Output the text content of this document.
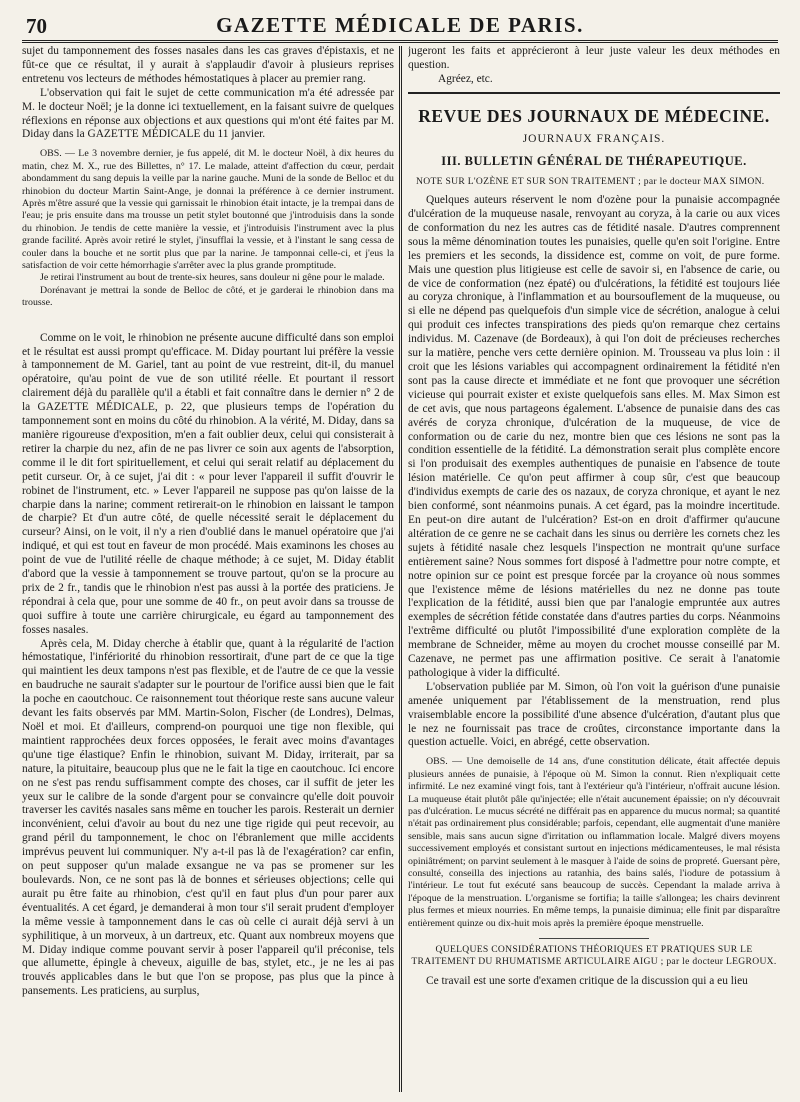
70	GAZETTE MÉDICALE DE PARIS.

sujet du tamponnement des fosses nasales dans les cas graves d'épistaxis, et ne fût-ce que ce résultat, il y aurait à s'applaudir d'avoir à plusieurs reprises entretenu vos lecteurs de méthodes hémostatiques à placer au premier rang.

L'observation qui fait le sujet de cette communication m'a été adressée par M. le docteur Noël; je la donne ici textuellement, en la faisant suivre de quelques réflexions en réponse aux objections et aux questions qui m'ont été faites par M. Diday dans la GAZETTE MÉDICALE du 11 janvier.

OBS. — Le 3 novembre dernier, je fus appelé, dit M. le docteur Noël, à dix heures du matin, chez M. X., rue des Billettes, n° 17. Le malade, atteint d'affection du cœur, perdait abondamment du sang depuis la veille par la narine gauche. Muni de la sonde de Belloc et du rhinobion du docteur Martin Saint-Ange, je donnai la préférence à ce dernier instrument. Après m'être assuré que la vessie qui garnissait le rhinobion était intacte, je la trempai dans de l'eau; je pris ensuite dans ma trousse un petit stylet boutonné que j'introduisis dans la sonde du rhinobion. Je tendis de cette manière la vessie, et j'introduisis l'instrument avec la plus grande facilité. Après avoir retiré le stylet, j'insufflai la vessie, et à l'instant le sang cessa de couler dans la bouche et ne sortit plus que par la narine. Je tamponnai celle-ci, et j'eus la satisfaction de voir cette hémorrhagie s'arrêter avec la plus grande promptitude.

Je retirai l'instrument au bout de trente-six heures, sans douleur ni gêne pour le malade.

Dorénavant je mettrai la sonde de Belloc de côté, et je garderai le rhinobion dans ma trousse.

Comme on le voit, le rhinobion ne présente aucune difficulté dans son emploi et le résultat est aussi prompt qu'efficace. M. Diday pourtant lui préfère la vessie à tamponnement de M. Gariel, tant au point de vue restreint, dit-il, du manuel opératoire, qu'au point de vue de son utilité réelle. Et pourtant il ressort clairement déjà du parallèle qu'il a établi et fait connaître dans le dernier n° 2 de la GAZETTE MÉDICALE, p. 22, que plusieurs temps de l'opération du tamponnement sont en moins du côté du rhinobion. A la vérité, M. Diday, dans sa manière rigoureuse d'exposition, m'en a fait oublier deux, celui qui consisterait à retirer la charpie du nez, afin de ne pas livrer ce soin aux agents de l'absorption, comme il le dit fort spirituellement, et celui qui serait relatif au déplacement du petit curseur. Or, à ce sujet, j'ai dit : « pour lever l'appareil il suffit d'ouvrir le robinet de l'instrument, etc. » Lever l'appareil ne suppose pas qu'on laisse de la charpie dans la narine; comment retirerait-on le rhinobion en laissant le tampon de charpie? Et d'un autre côté, de quelle nécessité serait le déplacement du curseur? Ainsi, on le voit, il n'y a rien d'oublié dans le manuel opératoire que j'ai indiqué, et qui est tout en faveur de mon procédé. Mais examinons les choses au point de vue de l'utilité réelle de chaque méthode; à ce sujet, M. Diday établit d'abord que la vessie à tamponnement se trouve partout, qu'on se la procure au prix de 2 fr., tandis que le rhinobion n'est pas aussi à la portée des praticiens. Je répondrai à cela que, pour une somme de 40 fr., on peut avoir dans sa trousse de quoi suffire à toute une carrière chirurgicale, eu égard au tamponnement des fosses nasales.

Après cela, M. Diday cherche à établir que, quant à la régularité de l'action hémostatique, l'infériorité du rhinobion ressortirait, d'une part de ce que la tige qui maintient les deux tampons n'est pas flexible, et de l'autre de ce que la vessie en baudruche ne saurait s'adapter sur le pourtour de l'orifice aussi bien que le fait la poche en caoutchouc. Ce raisonnement tout théorique reste sans aucune valeur devant les faits observés par MM. Martin-Solon, Fischer (de Londres), Delmas, Noël et moi. Et d'ailleurs, comprend-on pourquoi une tige non flexible, qui maintient rapprochées deux forces opposées, le ferait avec moins d'avantages qu'une tige élastique? Enfin le rhinobion, suivant M. Diday, irriterait, par sa nature, la pituitaire, beaucoup plus que ne le fait la tige en caoutchouc. Ici encore on ne s'est pas rendu suffisamment compte des choses, car il suffit de jeter les yeux sur le calibre de la sonde d'argent pour se convaincre qu'elle doit pouvoir traverser les cavités nasales sans même en toucher les parois. Resterait un dernier inconvénient, celui d'avoir au bout du nez une tige rigide qui peut recevoir, au grand péril du tamponnement, le choc on l'ébranlement que mille accidents imprévus peuvent lui communiquer. N'y a-t-il pas là de l'exagération? car enfin, on peut supposer qu'un malade exsangue ne va pas se promener sur les boulevards. Non, ce ne sont pas là de bonnes et sérieuses objections; celle qui aurait pu être faite au rhinobion, c'est qu'il en faut plus d'un pour parer aux éventualités. A cet égard, je demanderai à mon tour s'il serait prudent d'employer la même vessie à tamponnement dans le cas où celle ci aurait déjà servi à un syphilitique, à un morveux, à un dartreux, etc. Quant aux nombreux moyens que M. Diday indique comme pouvant servir à poser l'appareil qu'il préconise, tels que allumette, épingle à cheveux, aiguille de bas, stylet, etc., je ne les ai pas trouvés applicables dans le but que l'on se propose, pas plus que la pince à pansements. Les praticiens, au surplus,

jugeront les faits et apprécieront à leur juste valeur les deux méthodes en question.

Agréez, etc.

REVUE DES JOURNAUX DE MÉDECINE.
JOURNAUX FRANÇAIS.
III. BULLETIN GÉNÉRAL DE THÉRAPEUTIQUE.

NOTE SUR L'OZÈNE ET SUR SON TRAITEMENT ; par le docteur MAX SIMON.

Quelques auteurs réservent le nom d'ozène pour la punaisie accompagnée d'ulcération de la muqueuse nasale, renvoyant au coryza, à la carie ou aux vices de conformation du nez les autres cas de fétidité nasale. D'autres comprennent sous la même dénomination toutes les punaisies, quelle qu'en soit l'origine. Entre les premiers et les seconds, la dissidence est, comme on voit, de pure forme. Mais une question plus litigieuse est celle de savoir si, en l'absence de carie, ou de vice de conformation (nez épaté) ou d'ulcérations, la fétidité est toujours liée au coryza chronique, à l'inflammation et au boursouflement de la muqueuse, ou si elle ne dépend pas quelquefois d'un simple vice de sécrétion, analogue à celui qui produit ces infectes transpirations des pieds qu'on remarque chez certains individus. M. Cazenave (de Bordeaux), à qui l'on doit de précieuses recherches sur la matière, penche vers cette dernière opinion. M. Trousseau va plus loin : il croit que les lésions variables qui accompagnent ordinairement la fétidité n'en sont pas la cause directe et immédiate et ne font que provoquer une sécrétion vicieuse qui pourrait exister et existe quelquefois sans elles. M. Max Simon est de cet avis, que nous partageons également. L'absence de punaisie dans des cas avérés de coryza chronique, d'ulcération de la muqueuse, de vice de conformation ou de carie du nez, montre bien que ces lésions ne sont pas la condition essentielle de la fétidité. La démonstration serait plus complète encore si l'on produisait des exemples authentiques de punaisie en l'absence de toute lésion matérielle. Ce qu'on peut affirmer à coup sûr, c'est que beaucoup d'individus exempts de carie des os nazaux, de coryza chronique, et ayant le nez bien conformé, sont néanmoins punais. A cet égard, pas la moindre incertitude. En peut-on dire autant de l'ulcération? Est-on en droit d'affirmer qu'aucune altération de ce genre ne se cachait dans les sinus ou derrière les cornets chez les sujets à fétidité nasale chez lesquels l'inspection ne montrait qu'une surface entièrement saine? Nous sommes fort disposé à l'admettre pour notre compte, et notre opinion sur ce point est presque forcée par la croyance où nous sommes que l'existence même de lésions matérielles du nez ne donne pas toute l'explication de la fétidité, aussi bien que par l'analogie empruntée aux autres exemples de sécrétion fétide constatée dans d'autres parties du corps. Néanmoins l'extrême difficulté ou plutôt l'impossibilité d'une exploration complète de la membrane de Schneider, même au moyen du crochet mousse conseillé par M. Cazenave, ne permet pas une affirmation positive. Ce serait à l'anatomie pathologique à vider la difficulté.

L'observation publiée par M. Simon, où l'on voit la guérison d'une punaisie amenée uniquement par l'établissement de la menstruation, rend plus vraisemblable encore la possibilité d'une absence d'ulcération, d'autant plus que le nez ne fournissait pas trace de croûtes, circonstance importante dans la question actuelle. Voici, en abrégé, cette observation.

OBS. — Une demoiselle de 14 ans, d'une constitution délicate, était affectée depuis plusieurs années de punaisie, à l'époque où M. Simon la connut. Rien n'expliquait cette infirmité. Le nez examiné vingt fois, tant à l'extérieur qu'à l'intérieur, n'offrait aucune lésion. La muqueuse était plutôt pâle qu'injectée; elle n'était aucunement épaissie; on n'y découvrait pas d'ulcération. Le mucus sécrété ne différait pas en apparence du mucus normal; sa quantité n'était pas ordinairement plus considérable; parfois, cependant, elle augmentait d'une manière sensible, mais sans aucun signe d'irritation ou inflammation locale. Malgré divers moyens successivement employés et consistant surtout en injections médicamenteuses, le mal résista opiniâtrément; on parvint seulement à le masquer à l'aide de soins de propreté. Guersant père, consulté, conseilla des injections au ratanhia, des bains salés, l'iodure de potassium à l'intérieur. Le tout fut exécuté sans beaucoup de succès. Cependant la malade arriva à l'époque de la menstruation. L'organisme se fortifia; la taille s'allongea; les chairs devinrent plus fermes et mieux nourries. En même temps, la punaisie diminua; elle finit par disparaître entièrement quinze ou dix-huit mois après la première époque menstruelle.

QUELQUES CONSIDÉRATIONS THÉORIQUES ET PRATIQUES SUR LE TRAITEMENT DU RHUMATISME ARTICULAIRE AIGU ; par le docteur LEGROUX.

Ce travail est une sorte d'examen critique de la discussion qui a eu lieu
